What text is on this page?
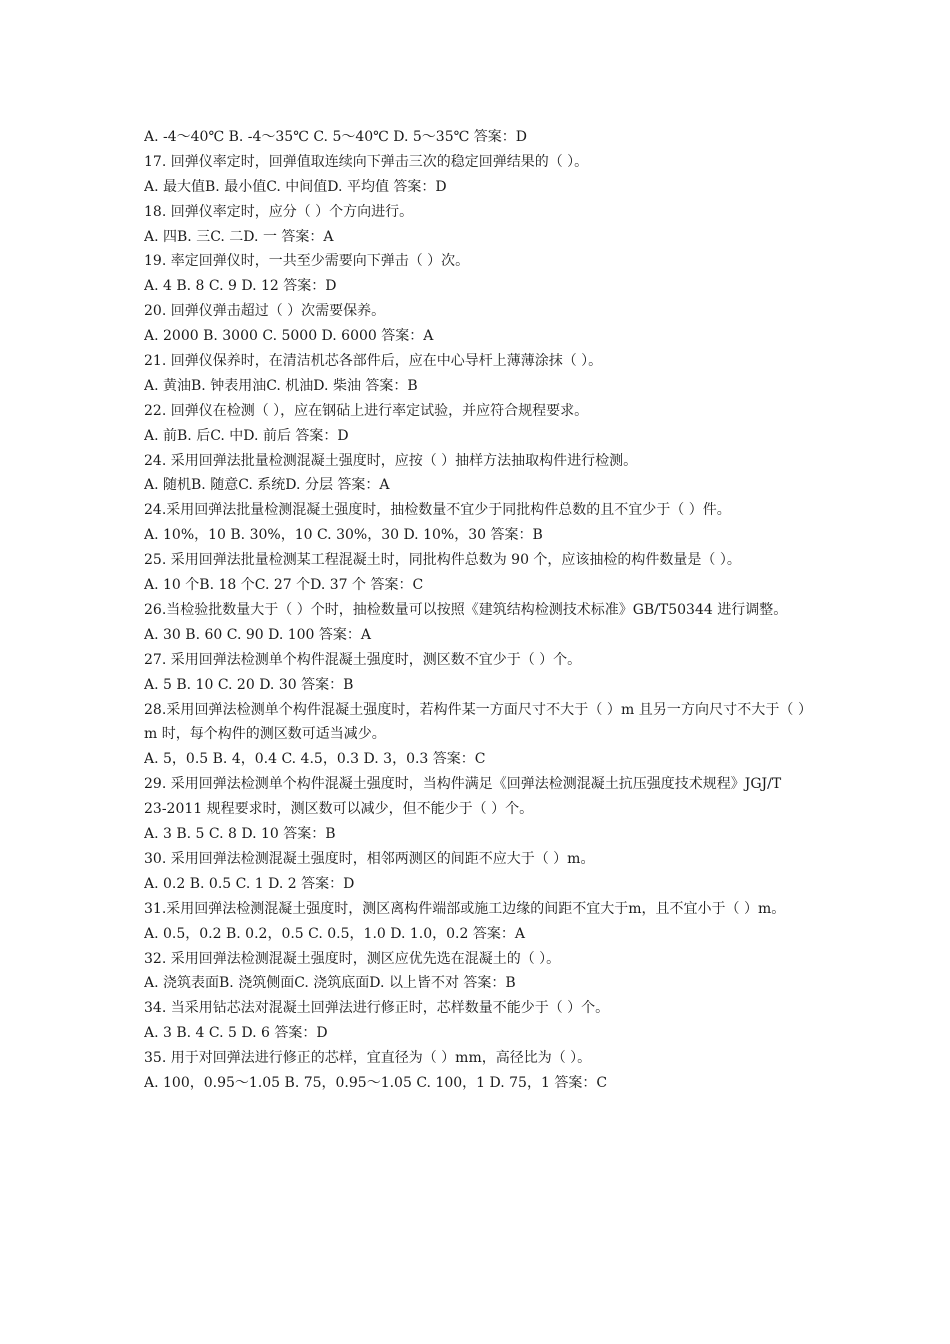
A. -4～40℃ B. -4～35℃ C. 5～40℃ D. 5～35℃ 答案：D
17. 回弹仪率定时，回弹值取连续向下弹击三次的稳定回弹结果的（ ）。
A. 最大值B. 最小值C. 中间值D. 平均值 答案：D
18. 回弹仪率定时，应分（ ）个方向进行。
A. 四B. 三C. 二D. 一 答案：A
19. 率定回弹仪时，一共至少需要向下弹击（ ）次。
A. 4 B. 8 C. 9 D. 12 答案：D
20. 回弹仪弹击超过（ ）次需要保养。
A. 2000 B. 3000 C. 5000 D. 6000 答案：A
21. 回弹仪保养时，在清洁机芯各部件后，应在中心导杆上薄薄涂抹（ ）。
A. 黄油B. 钟表用油C. 机油D. 柴油 答案：B
22. 回弹仪在检测（ ），应在钢砧上进行率定试验，并应符合规程要求。
A. 前B. 后C. 中D. 前后 答案：D
24. 采用回弹法批量检测混凝土强度时，应按（ ）抽样方法抽取构件进行检测。
A. 随机B. 随意C. 系统D. 分层 答案：A
24.采用回弹法批量检测混凝土强度时，抽检数量不宜少于同批构件总数的且不宜少于（ ）件。
A. 10%，10 B. 30%，10 C. 30%，30 D. 10%，30 答案：B
25. 采用回弹法批量检测某工程混凝土时，同批构件总数为 90 个，应该抽检的构件数量是（ ）。
A. 10 个B. 18 个C. 27 个D. 37 个 答案：C
26.当检验批数量大于（ ）个时，抽检数量可以按照《建筑结构检测技术标准》GB/T50344 进行调整。
A. 30 B. 60 C. 90 D. 100 答案：A
27. 采用回弹法检测单个构件混凝土强度时，测区数不宜少于（ ）个。
A. 5 B. 10 C. 20 D. 30 答案：B
28.采用回弹法检测单个构件混凝土强度时，若构件某一方面尺寸不大于（ ）m 且另一方向尺寸不大于（ ）m 时，每个构件的测区数可适当减少。
A. 5，0.5 B. 4，0.4 C. 4.5，0.3 D. 3，0.3 答案：C
29. 采用回弹法检测单个构件混凝土强度时，当构件满足《回弹法检测混凝土抗压强度技术规程》JGJ/T
23-2011 规程要求时，测区数可以减少，但不能少于（ ）个。
A. 3 B. 5 C. 8 D. 10 答案：B
30. 采用回弹法检测混凝土强度时，相邻两测区的间距不应大于（ ）m。
A. 0.2 B. 0.5 C. 1 D. 2 答案：D
31.采用回弹法检测混凝土强度时，测区离构件端部或施工边缘的间距不宜大于m，且不宜小于（ ）m。
A. 0.5，0.2 B. 0.2，0.5 C. 0.5，1.0 D. 1.0，0.2 答案：A
32. 采用回弹法检测混凝土强度时，测区应优先选在混凝土的（ ）。
A. 浇筑表面B. 浇筑侧面C. 浇筑底面D. 以上皆不对 答案：B
34. 当采用钻芯法对混凝土回弹法进行修正时，芯样数量不能少于（ ）个。
A. 3 B. 4 C. 5 D. 6 答案：D
35. 用于对回弹法进行修正的芯样，宜直径为（ ）mm，高径比为（ ）。
A. 100，0.95～1.05 B. 75，0.95～1.05 C. 100，1 D. 75，1 答案：C
